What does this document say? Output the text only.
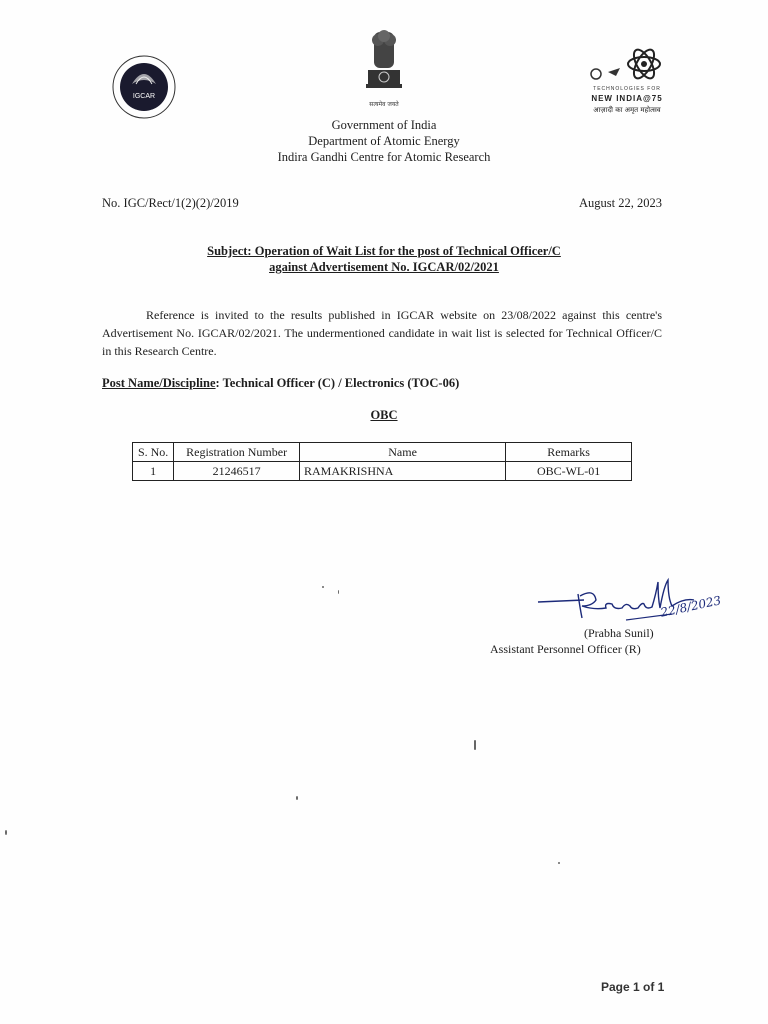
IGCAR
सत्यमेव जयते
TECHNOLOGIES FOR
NEW INDIA@75
आज़ादी का अमृत महोत्सव
Government of India
Department of Atomic Energy
Indira Gandhi Centre for Atomic Research
No. IGC/Rect/1(2)(2)/2019	August 22, 2023
Subject: Operation of Wait List for the post of Technical Officer/C
against Advertisement No. IGCAR/02/2021
Reference is invited to the results published in IGCAR website on 23/08/2022 against this centre's Advertisement No. IGCAR/02/2021. The undermentioned candidate in wait list is selected for Technical Officer/C in this Research Centre.
Post Name/Discipline: Technical Officer (C) / Electronics (TOC-06)
OBC
S. No.	Registration Number	Name	Remarks
1	21246517	RAMAKRISHNA	OBC-WL-01
22/8/2023
(Prabha Sunil)
Assistant Personnel Officer (R)
Page 1 of 1
